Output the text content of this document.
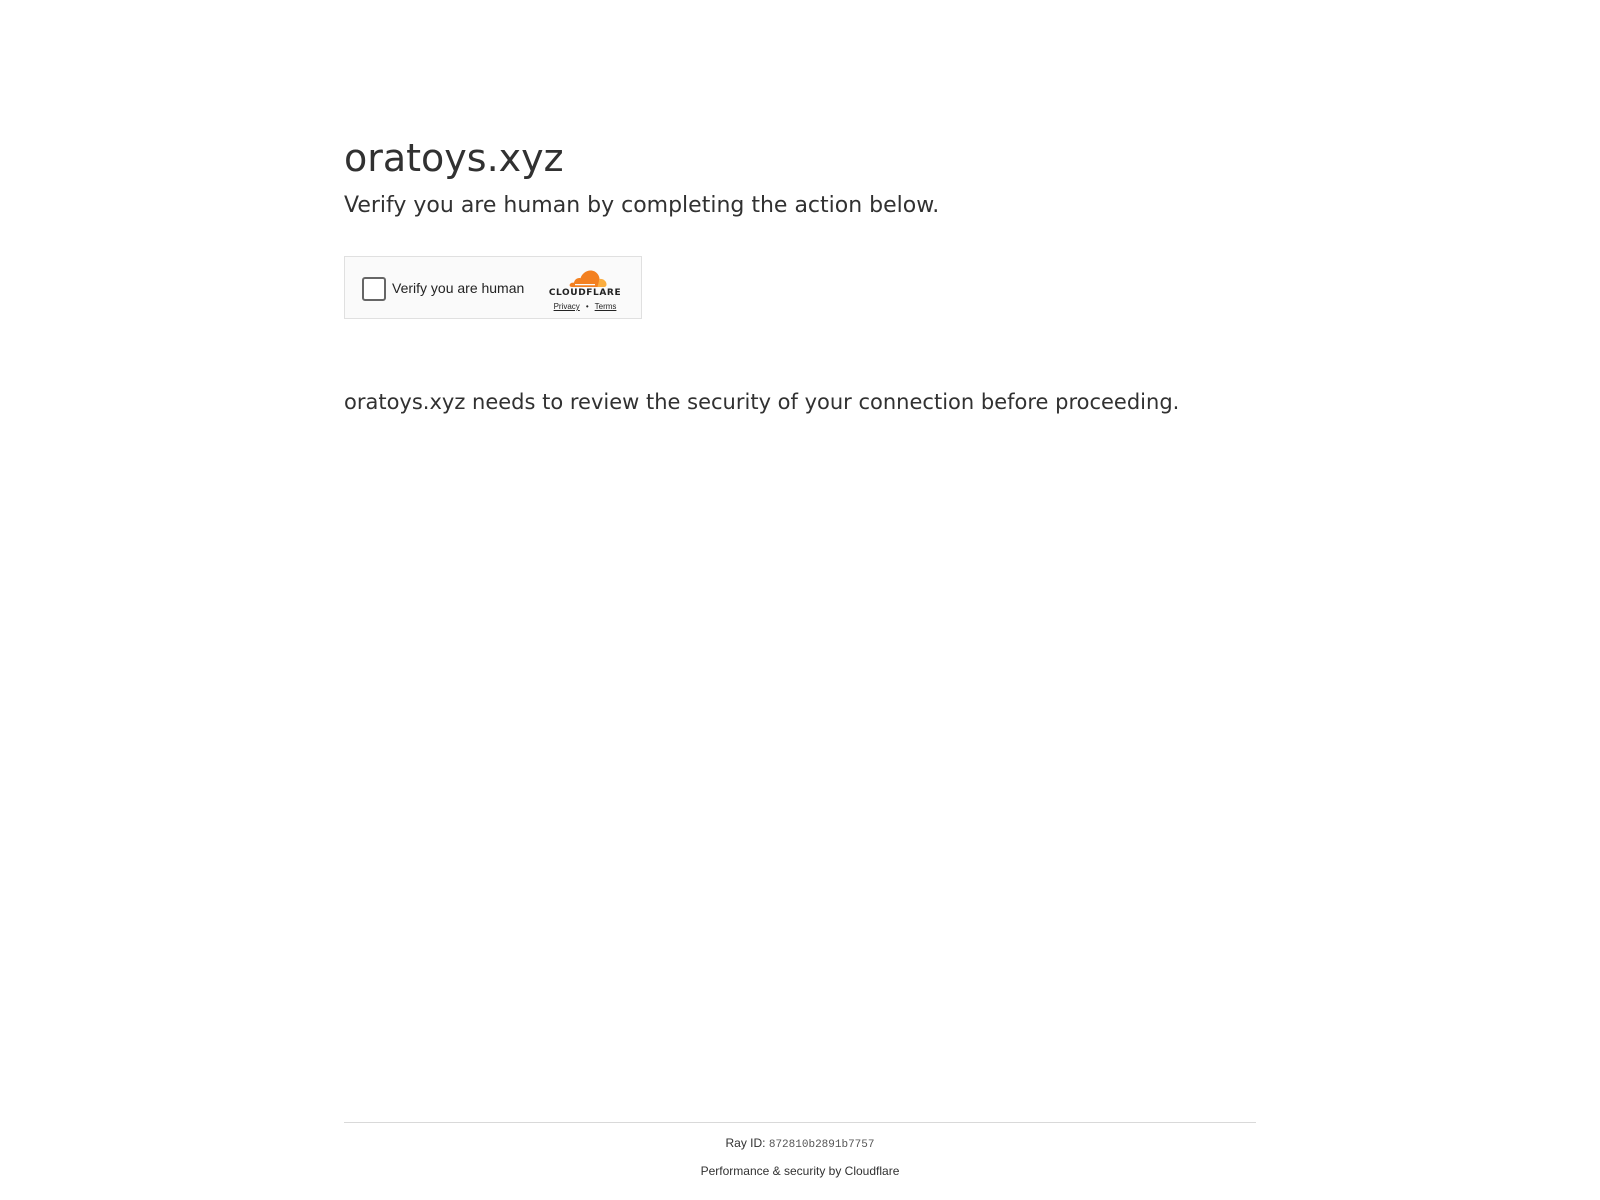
oratoys.xyz
Verify you are human by completing the action below.
Verify you are human	CLOUDFLARE
Privacy • Terms

oratoys.xyz needs to review the security of your connection before proceeding.

Ray ID: 872810b2891b7757
Performance & security by Cloudflare
